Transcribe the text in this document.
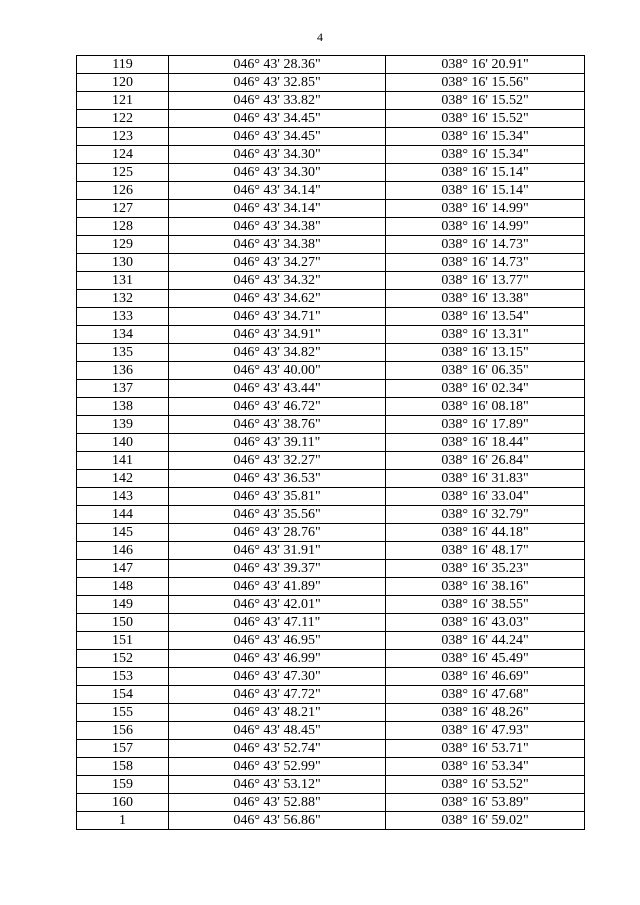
4
119	046° 43' 28.36"	038° 16' 20.91"
120	046° 43' 32.85"	038° 16' 15.56"
121	046° 43' 33.82"	038° 16' 15.52"
122	046° 43' 34.45"	038° 16' 15.52"
123	046° 43' 34.45"	038° 16' 15.34"
124	046° 43' 34.30"	038° 16' 15.34"
125	046° 43' 34.30"	038° 16' 15.14"
126	046° 43' 34.14"	038° 16' 15.14"
127	046° 43' 34.14"	038° 16' 14.99"
128	046° 43' 34.38"	038° 16' 14.99"
129	046° 43' 34.38"	038° 16' 14.73"
130	046° 43' 34.27"	038° 16' 14.73"
131	046° 43' 34.32"	038° 16' 13.77"
132	046° 43' 34.62"	038° 16' 13.38"
133	046° 43' 34.71"	038° 16' 13.54"
134	046° 43' 34.91"	038° 16' 13.31"
135	046° 43' 34.82"	038° 16' 13.15"
136	046° 43' 40.00"	038° 16' 06.35"
137	046° 43' 43.44"	038° 16' 02.34"
138	046° 43' 46.72"	038° 16' 08.18"
139	046° 43' 38.76"	038° 16' 17.89"
140	046° 43' 39.11"	038° 16' 18.44"
141	046° 43' 32.27"	038° 16' 26.84"
142	046° 43' 36.53"	038° 16' 31.83"
143	046° 43' 35.81"	038° 16' 33.04"
144	046° 43' 35.56"	038° 16' 32.79"
145	046° 43' 28.76"	038° 16' 44.18"
146	046° 43' 31.91"	038° 16' 48.17"
147	046° 43' 39.37"	038° 16' 35.23"
148	046° 43' 41.89"	038° 16' 38.16"
149	046° 43' 42.01"	038° 16' 38.55"
150	046° 43' 47.11"	038° 16' 43.03"
151	046° 43' 46.95"	038° 16' 44.24"
152	046° 43' 46.99"	038° 16' 45.49"
153	046° 43' 47.30"	038° 16' 46.69"
154	046° 43' 47.72"	038° 16' 47.68"
155	046° 43' 48.21"	038° 16' 48.26"
156	046° 43' 48.45"	038° 16' 47.93"
157	046° 43' 52.74"	038° 16' 53.71"
158	046° 43' 52.99"	038° 16' 53.34"
159	046° 43' 53.12"	038° 16' 53.52"
160	046° 43' 52.88"	038° 16' 53.89"
1	046° 43' 56.86"	038° 16' 59.02"
